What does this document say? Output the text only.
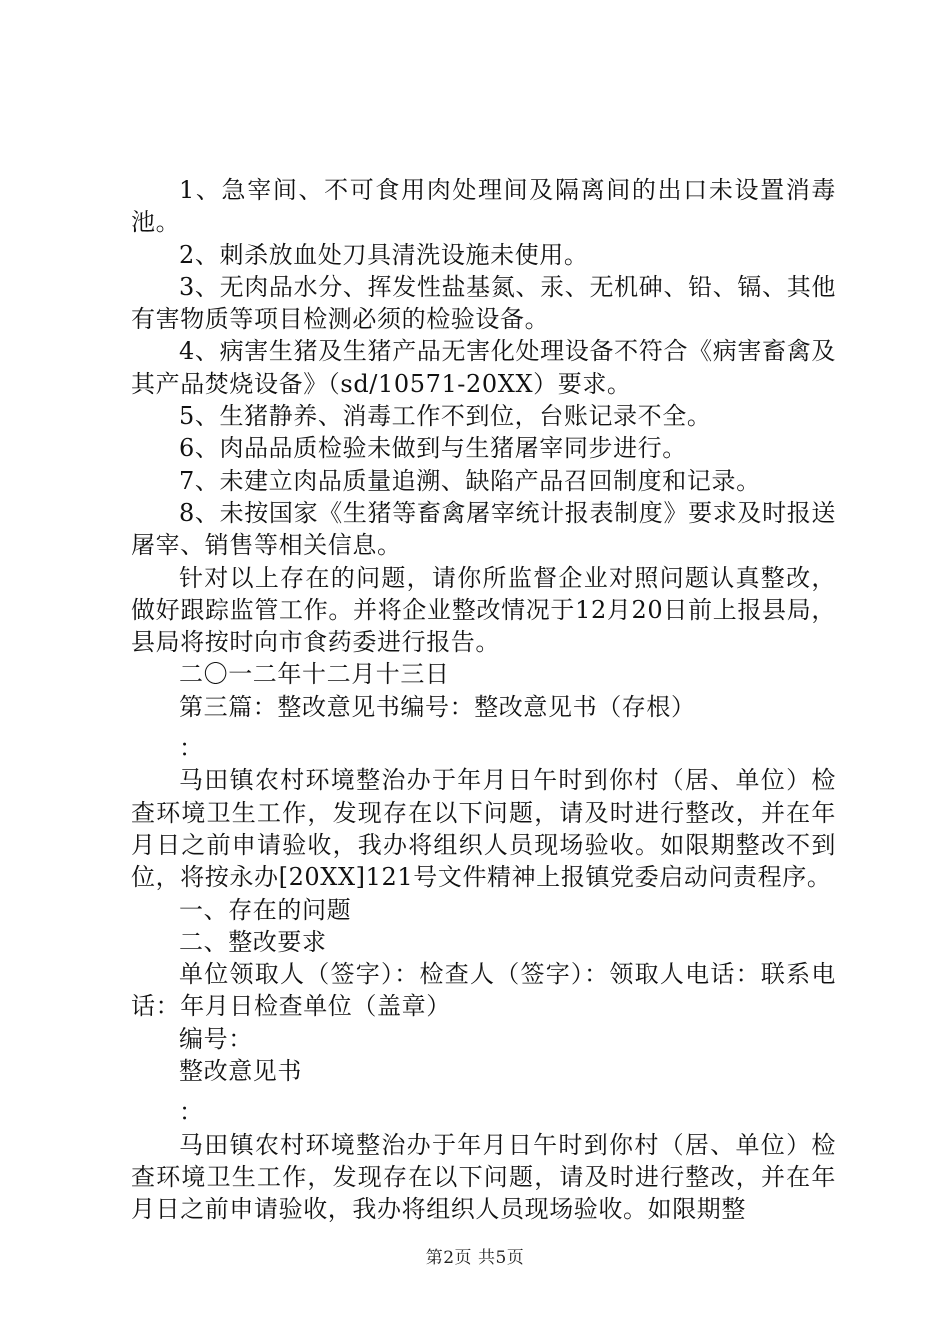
1、急宰间、不可食用肉处理间及隔离间的出口未设置消毒池。

2、刺杀放血处刀具清洗设施未使用。

3、无肉品水分、挥发性盐基氮、汞、无机砷、铅、镉、其他有害物质等项目检测必须的检验设备。

4、病害生猪及生猪产品无害化处理设备不符合《病害畜禽及其产品焚烧设备》（sd/10571-20XX）要求。

5、生猪静养、消毒工作不到位，台账记录不全。

6、肉品品质检验未做到与生猪屠宰同步进行。

7、未建立肉品质量追溯、缺陷产品召回制度和记录。

8、未按国家《生猪等畜禽屠宰统计报表制度》要求及时报送屠宰、销售等相关信息。

针对以上存在的问题，请你所监督企业对照问题认真整改，做好跟踪监管工作。并将企业整改情况于12月20日前上报县局，县局将按时向市食药委进行报告。

二〇一二年十二月十三日

第三篇：整改意见书编号：整改意见书（存根）

：

马田镇农村环境整治办于年月日午时到你村（居、单位）检查环境卫生工作，发现存在以下问题，请及时进行整改，并在年月日之前申请验收，我办将组织人员现场验收。如限期整改不到位，将按永办[20XX]121号文件精神上报镇党委启动问责程序。

一、存在的问题

二、整改要求

单位领取人（签字）：检查人（签字）：领取人电话：联系电话：年月日检查单位（盖章）

编号：

整改意见书

：

马田镇农村环境整治办于年月日午时到你村（居、单位）检查环境卫生工作，发现存在以下问题，请及时进行整改，并在年月日之前申请验收，我办将组织人员现场验收。如限期整

第2页 共5页
